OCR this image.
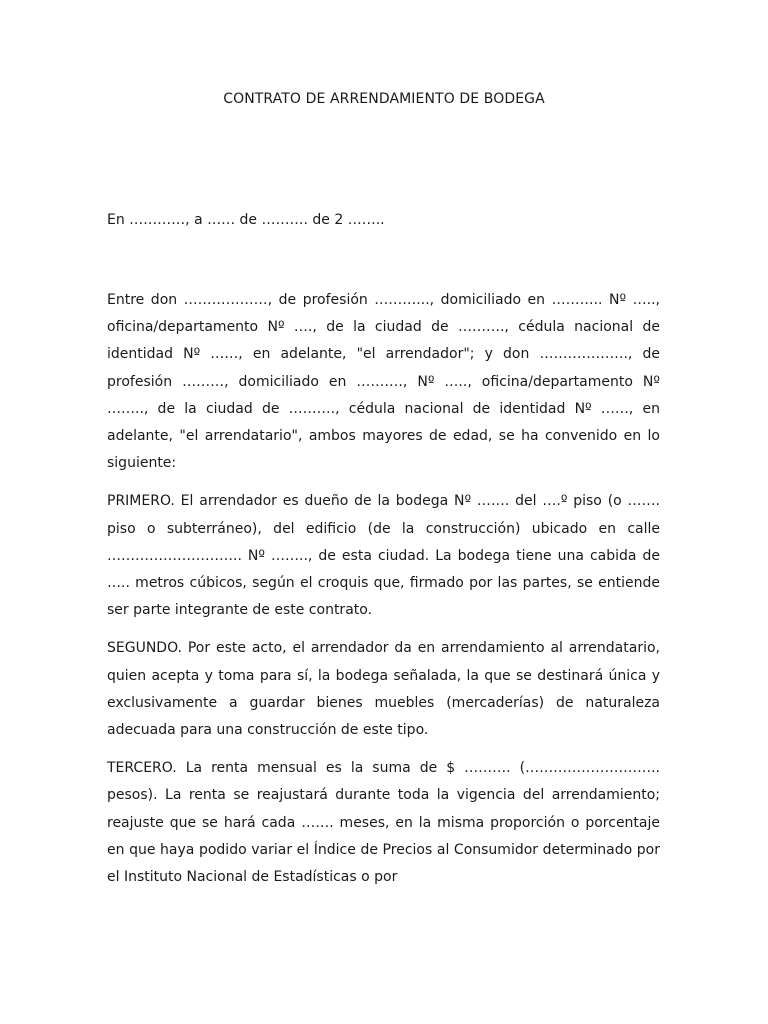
CONTRATO DE ARRENDAMIENTO DE BODEGA
En …………, a …… de ………. de 2 ……..

Entre don ………………, de profesión ………..., domiciliado en ……….. Nº ….., oficina/departamento Nº …., de la ciudad de ………., cédula nacional de identidad Nº ……, en adelante, "el arrendador"; y don ………………., de profesión ………, domiciliado en ………., Nº ….., oficina/departamento Nº …….., de la ciudad de ………., cédula nacional de identidad Nº ……, en adelante, "el arrendatario", ambos mayores de edad, se ha convenido en lo siguiente:

PRIMERO. El arrendador es dueño de la bodega Nº ……. del ….º piso (o ……. piso o subterráneo), del edificio (de la construcción) ubicado en calle ……………………….. Nº …….., de esta ciudad. La bodega tiene una cabida de ….. metros cúbicos, según el croquis que, firmado por las partes, se entiende ser parte integrante de este contrato.

SEGUNDO. Por este acto, el arrendador da en arrendamiento al arrendatario, quien acepta y toma para sí, la bodega señalada, la que se destinará única y exclusivamente a guardar bienes muebles (mercaderías) de naturaleza adecuada para una construcción de este tipo.

TERCERO. La renta mensual es la suma de $ ………. (……………………….. pesos). La renta se reajustará durante toda la vigencia del arrendamiento; reajuste que se hará cada ……. meses, en la misma proporción o porcentaje en que haya podido variar el Índice de Precios al Consumidor determinado por el Instituto Nacional de Estadísticas o por
